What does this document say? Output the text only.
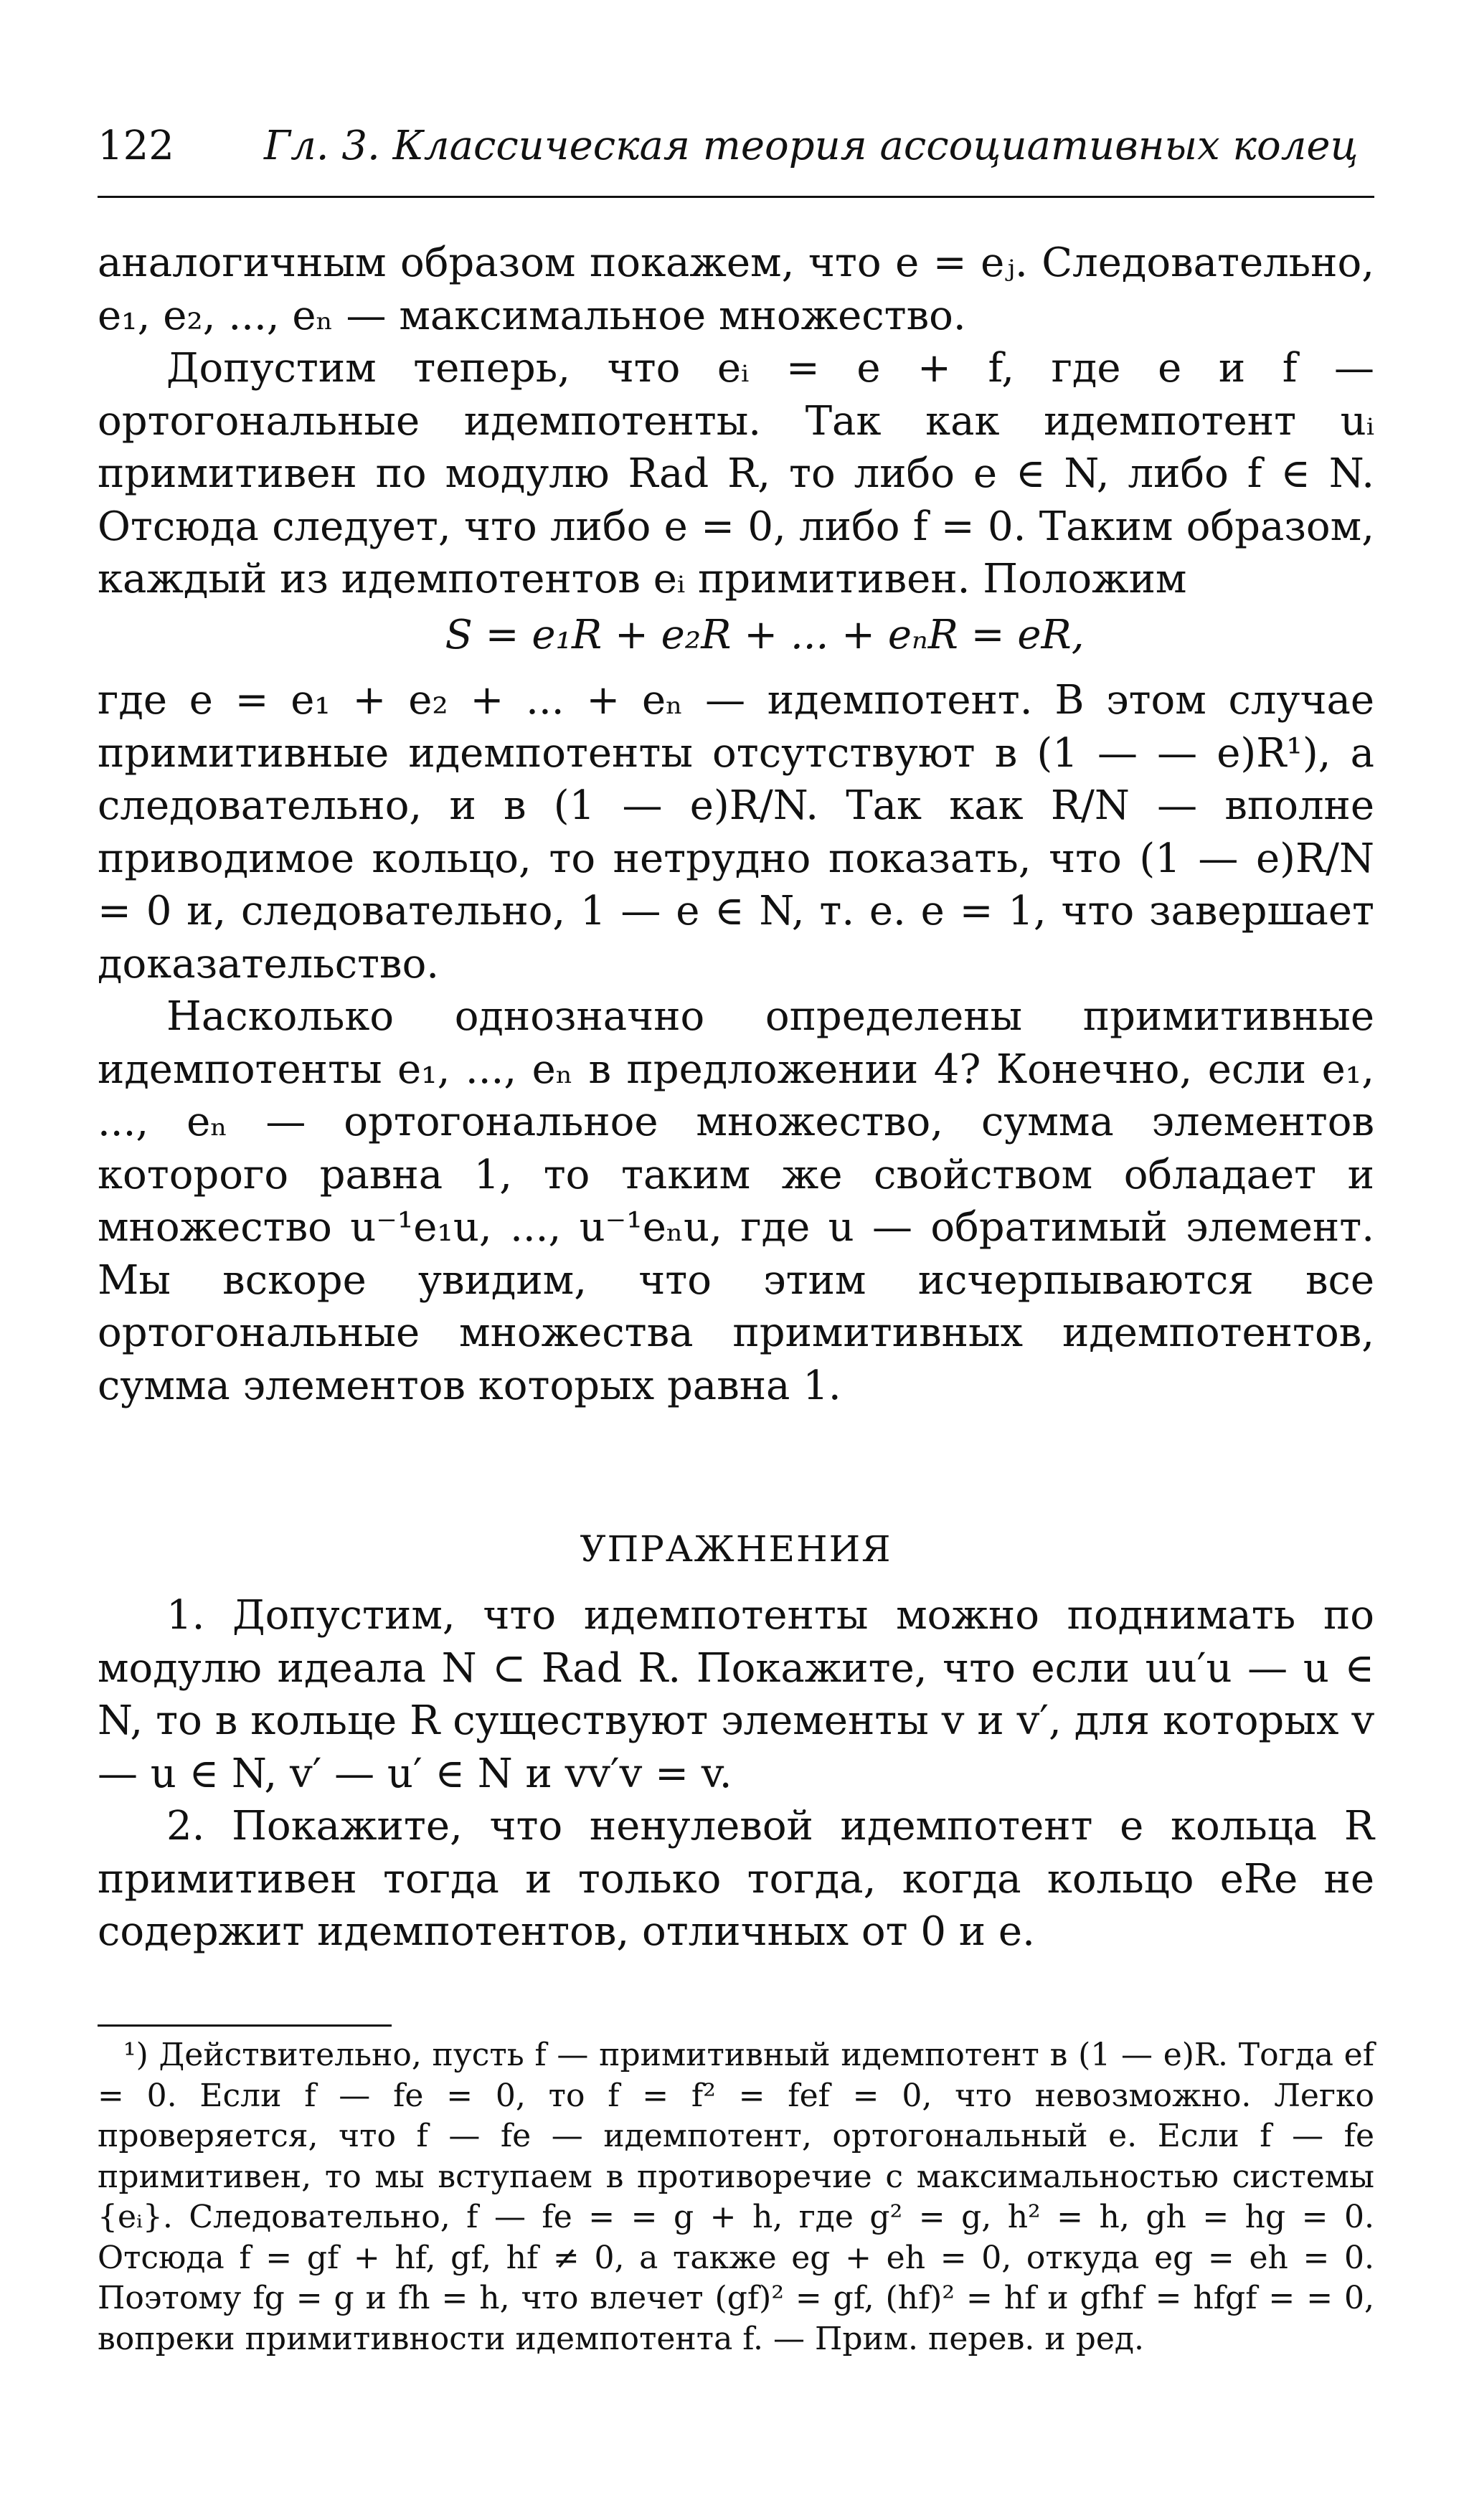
122 Гл. 3. Классическая теория ассоциативных колец

аналогичным образом покажем, что e = eⱼ. Следовательно, e₁, e₂, ..., eₙ — максимальное множество.

Допустим теперь, что eᵢ = e + f, где e и f — ортогональные идемпотенты. Так как идемпотент uᵢ примитивен по модулю Rad R, то либо e ∈ N, либо f ∈ N. Отсюда следует, что либо e = 0, либо f = 0. Таким образом, каждый из идемпотентов eᵢ примитивен. Положим

S = e₁R + e₂R + ... + eₙR = eR,

где e = e₁ + e₂ + ... + eₙ — идемпотент. В этом случае примитивные идемпотенты отсутствуют в (1 — — e)R¹), а следовательно, и в (1 — e)R/N. Так как R/N — вполне приводимое кольцо, то нетрудно показать, что (1 — e)R/N = 0 и, следовательно, 1 — e ∈ N, т. е. e = 1, что завершает доказательство.

Насколько однозначно определены примитивные идемпотенты e₁, ..., eₙ в предложении 4? Конечно, если e₁, ..., eₙ — ортогональное множество, сумма элементов которого равна 1, то таким же свойством обладает и множество u⁻¹e₁u, ..., u⁻¹eₙu, где u — обратимый элемент. Мы вскоре увидим, что этим исчерпываются все ортогональные множества примитивных идемпотентов, сумма элементов которых равна 1.

УПРАЖНЕНИЯ

1. Допустим, что идемпотенты можно поднимать по модулю идеала N ⊂ Rad R. Покажите, что если uu′u — u ∈ N, то в кольце R существуют элементы v и v′, для которых v — u ∈ N, v′ — u′ ∈ N и vv′v = v.

2. Покажите, что ненулевой идемпотент e кольца R примитивен тогда и только тогда, когда кольцо eRe не содержит идемпотентов, отличных от 0 и e.

¹) Действительно, пусть f — примитивный идемпотент в (1 — e)R. Тогда ef = 0. Если f — fe = 0, то f = f² = fef = 0, что невозможно. Легко проверяется, что f — fe — идемпотент, ортогональный e. Если f — fe примитивен, то мы вступаем в противоречие с максимальностью системы {eᵢ}. Следовательно, f — fe = = g + h, где g² = g, h² = h, gh = hg = 0. Отсюда f = gf + hf, gf, hf ≠ 0, а также eg + eh = 0, откуда eg = eh = 0. Поэтому fg = g и fh = h, что влечет (gf)² = gf, (hf)² = hf и gfhf = hfgf = = 0, вопреки примитивности идемпотента f. — Прим. перев. и ред.
